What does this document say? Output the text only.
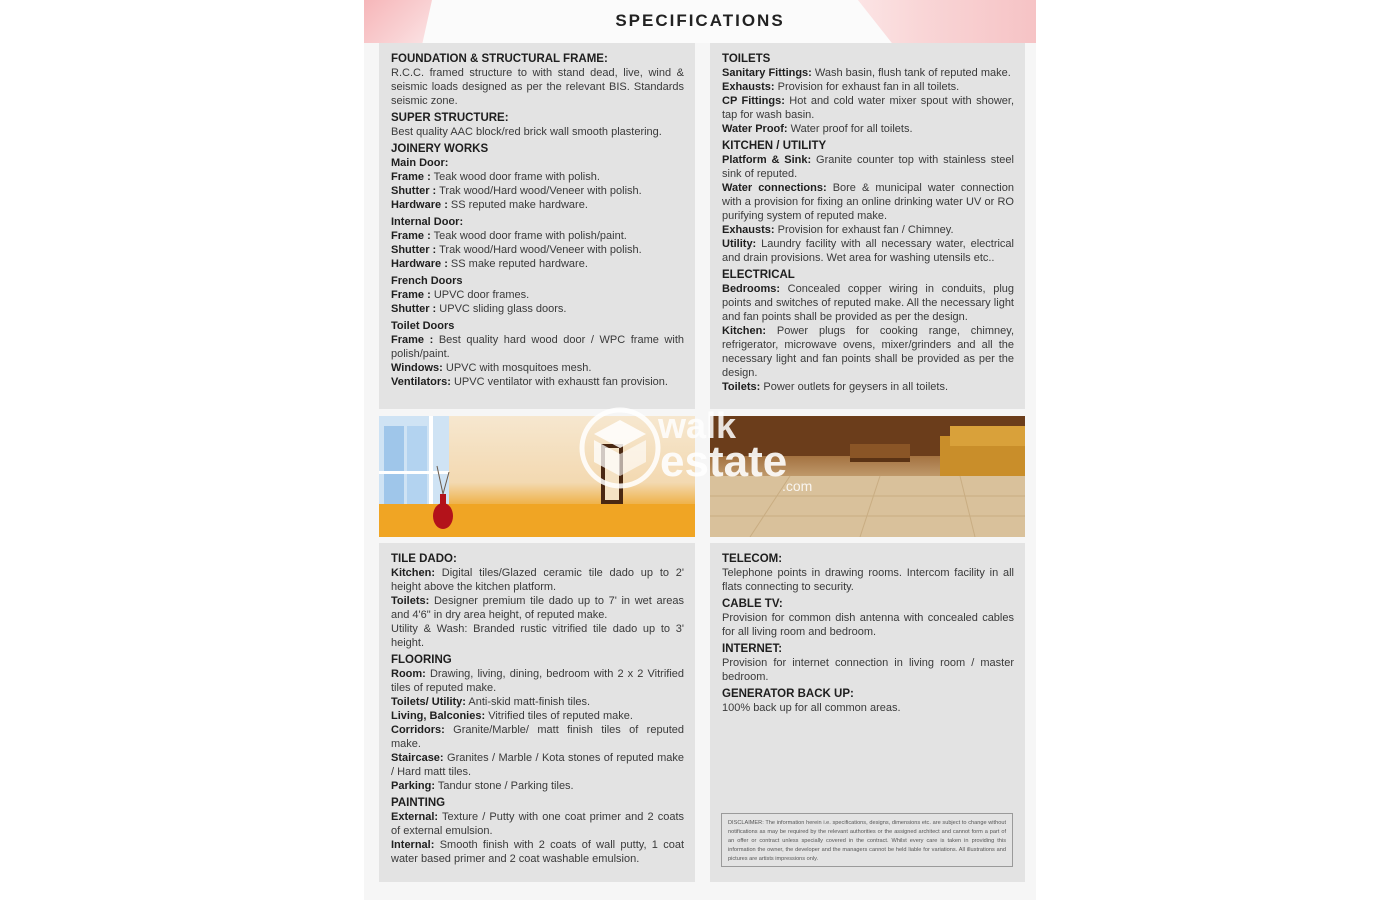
SPECIFICATIONS
FOUNDATION & STRUCTURAL FRAME:
R.C.C. framed structure to with stand dead, live, wind & seismic loads designed as per the relevant BIS. Standards seismic zone.
SUPER STRUCTURE:
Best quality AAC block/red brick wall smooth plastering.
JOINERY WORKS
Main Door:
Frame : Teak wood door frame with polish.
Shutter : Trak wood/Hard wood/Veneer with polish.
Hardware : SS reputed make hardware.
Internal Door:
Frame : Teak wood door frame with polish/paint.
Shutter : Trak wood/Hard wood/Veneer with polish.
Hardware : SS make reputed hardware.
French Doors
Frame : UPVC door frames.
Shutter : UPVC sliding glass doors.
Toilet Doors
Frame : Best quality hard wood door / WPC frame with polish/paint.
Windows: UPVC with mosquitoes mesh.
Ventilators: UPVC ventilator with exhaustt fan provision.
TOILETS
Sanitary Fittings: Wash basin, flush tank of reputed make.
Exhausts: Provision for exhaust fan in all toilets.
CP Fittings: Hot and cold water mixer spout with shower, tap for wash basin.
Water Proof: Water proof for all toilets.
KITCHEN / UTILITY
Platform & Sink: Granite counter top with stainless steel sink of reputed.
Water connections: Bore & municipal water connection with a provision for fixing an online drinking water UV or RO purifying system of reputed make.
Exhausts: Provision for exhaust fan / Chimney.
Utility: Laundry facility with all necessary water, electrical and drain provisions. Wet area for washing utensils etc..
ELECTRICAL
Bedrooms: Concealed copper wiring in conduits, plug points and switches of reputed make. All the necessary light and fan points shall be provided as per the design.
Kitchen: Power plugs for cooking range, chimney, refrigerator, microwave ovens, mixer/grinders and all the necessary light and fan points shall be provided as per the design.
Toilets: Power outlets for geysers in all toilets.
TILE DADO:
Kitchen: Digital tiles/Glazed ceramic tile dado up to 2' height above the kitchen platform.
Toilets: Designer premium tile dado up to 7' in wet areas and 4'6" in dry area height, of reputed make.
Utility & Wash: Branded rustic vitrified tile dado up to 3' height.
FLOORING
Room: Drawing, living, dining, bedroom with 2 x 2 Vitrified tiles of reputed make.
Toilets/ Utility: Anti-skid matt-finish tiles.
Living, Balconies: Vitrified tiles of reputed make.
Corridors: Granite/Marble/ matt finish tiles of reputed make.
Staircase: Granites / Marble / Kota stones of reputed make / Hard matt tiles.
Parking: Tandur stone / Parking tiles.
PAINTING
External: Texture / Putty with one coat primer and 2 coats of external emulsion.
Internal: Smooth finish with 2 coats of wall putty, 1 coat water based primer and 2 coat washable emulsion.
TELECOM:
Telephone points in drawing rooms. Intercom facility in all flats connecting to security.
CABLE TV:
Provision for common dish antenna with concealed cables for all living room and bedroom.
INTERNET:
Provision for internet connection in living room / master bedroom.
GENERATOR BACK UP:
100% back up for all common areas.
DISCLAIMER: The information herein i.e. specifications, designs, dimensions etc. are subject to change without notifications as may be required by the relevant authorities or the assigned architect and cannot form a part of an offer or contract unless specially covered in the contract. Whilst every care is taken in providing this information the owner, the developer and the managers cannot be held liable for variations. All illustrations and pictures are artists impressions only.
walk
estate
.com
